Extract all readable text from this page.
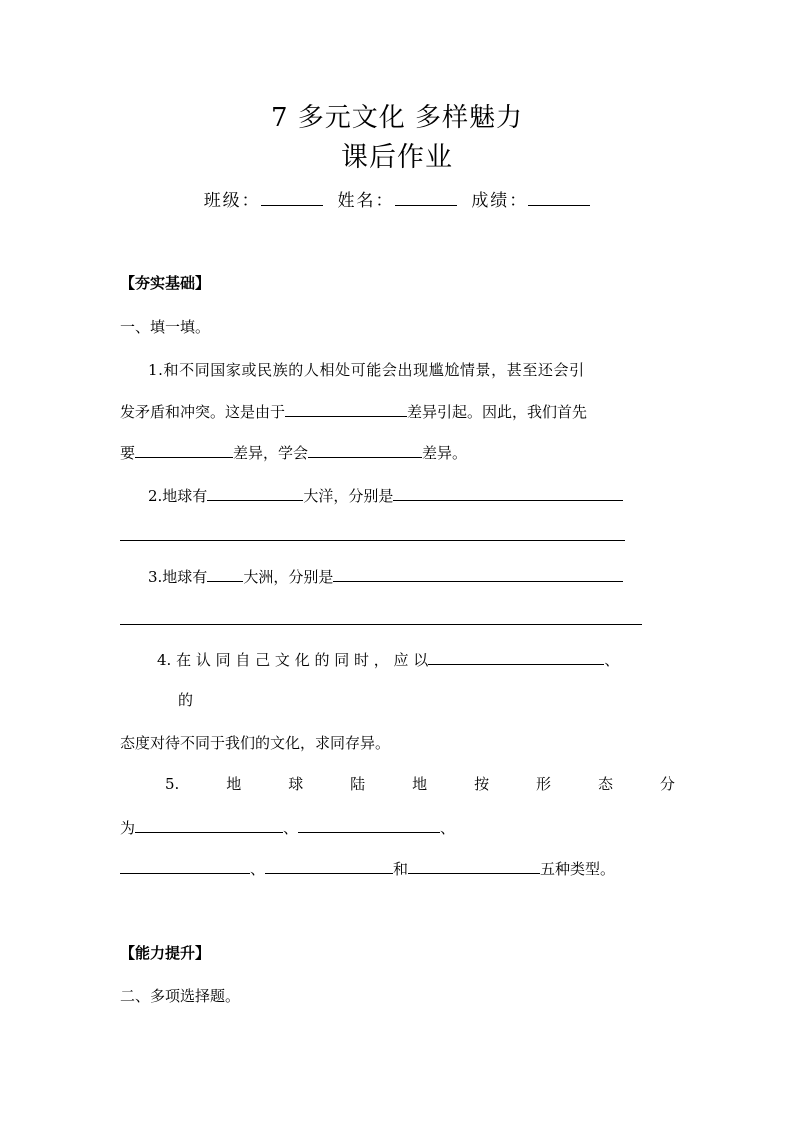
7 多元文化 多样魅力
课后作业
班级：	姓名：	成绩：
【夯实基础】
一、填一填。
1.和不同国家或民族的人相处可能会出现尴尬情景，甚至还会引
发矛盾和冲突。这是由于	差异引起。因此，我们首先
要	差异，学会	差异。
2.地球有	大洋，分别是
3.地球有 大洲，分别是
4. 在 认 同 自 己 文 化 的 同 时 ， 应 以	、
的
态度对待不同于我们的文化，求同存异。
5.	地	球	陆	地	按	形	态	分
为	、	、
、	和	五种类型。
【能力提升】
二、多项选择题。
